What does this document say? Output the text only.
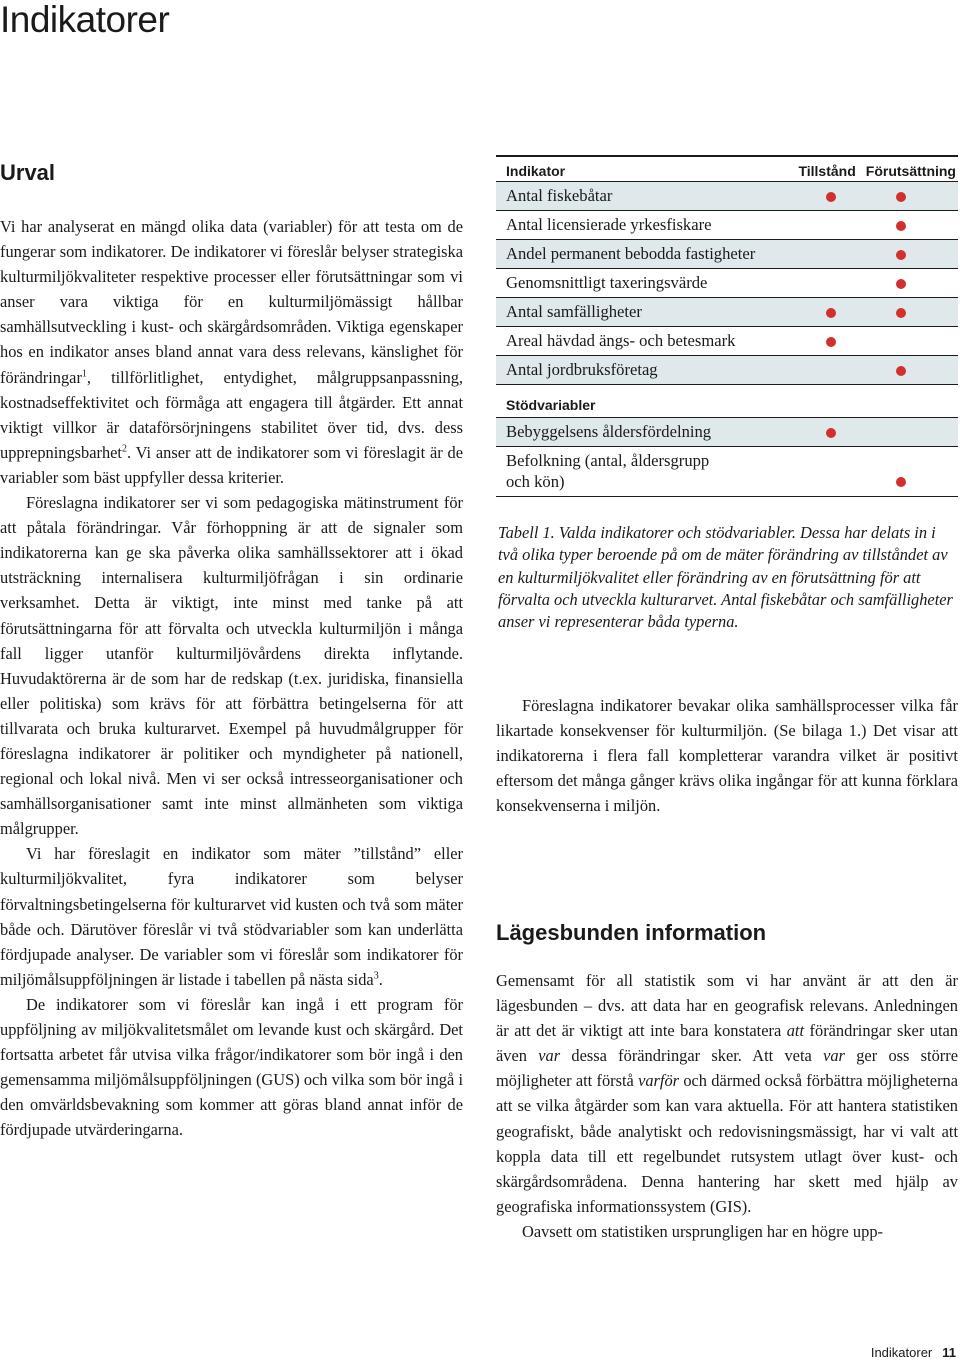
Indikatorer
Urval

Vi har analyserat en mängd olika data (variabler) för att testa om de fungerar som indikatorer. De indikatorer vi föreslår belyser strategiska kulturmiljökvaliteter respektive processer eller förutsättningar som vi anser vara viktiga för en kulturmiljömässigt hållbar samhällsutveckling i kust- och skärgårdsområden. Viktiga egenskaper hos en indikator anses bland annat vara dess relevans, känslighet för förändringar$^1$, tillförlitlighet, entydighet, målgruppsanpassning, kostnadseffektivitet och förmåga att engagera till åtgärder. Ett annat viktigt villkor är dataförsörjningens stabilitet över tid, dvs. dess upprepningsbarhet$^2$. Vi anser att de indikatorer som vi föreslagit är de variabler som bäst uppfyller dessa kriterier.

Föreslagna indikatorer ser vi som pedagogiska mätinstrument för att påtala förändringar. Vår förhoppning är att de signaler som indikatorerna kan ge ska påverka olika samhällssektorer att i ökad utsträckning internalisera kulturmiljöfrågan i sin ordinarie verksamhet. Detta är viktigt, inte minst med tanke på att förutsättningarna för att förvalta och utveckla kulturmiljön i många fall ligger utanför kulturmiljövårdens direkta inflytande. Huvudaktörerna är de som har de redskap (t.ex. juridiska, finansiella eller politiska) som krävs för att förbättra betingelserna för att tillvarata och bruka kulturarvet. Exempel på huvudmålgrupper för föreslagna indikatorer är politiker och myndigheter på nationell, regional och lokal nivå. Men vi ser också intresseorganisationer och samhällsorganisationer samt inte minst allmänheten som viktiga målgrupper.

Vi har föreslagit en indikator som mäter ”tillstånd” eller kulturmiljökvalitet, fyra indikatorer som belyser förvaltningsbetingelserna för kulturarvet vid kusten och två som mäter både och. Därutöver föreslår vi två stödvariabler som kan underlätta fördjupade analyser. De variabler som vi föreslår som indikatorer för miljömålsuppföljningen är listade i tabellen på nästa sida$^3$.

De indikatorer som vi föreslår kan ingå i ett program för uppföljning av miljökvalitetsmålet om levande kust och skärgård. Det fortsatta arbetet får utvisa vilka frågor/indikatorer som bör ingå i den gemensamma miljömålsuppföljningen (GUS) och vilka som bör ingå i den omvärldsbevakning som kommer att göras bland annat inför de fördjupade utvärderingarna.

Indikator	Tillstånd Förutsättning
Antal fiskebåtar
Antal licensierade yrkesfiskare
Andel permanent bebodda fastigheter
Genomsnittligt taxeringsvärde
Antal samfälligheter
Areal hävdad ängs- och betesmark
Antal jordbruksföretag
Stödvariabler
Bebyggelsens åldersfördelning
Befolkning (antal, åldersgrupp
och kön)
Tabell 1. Valda indikatorer och stödvariabler. Dessa har delats in i två olika typer beroende på om de mäter förändring av tillståndet av en kulturmiljökvalitet eller förändring av en förutsättning för att förvalta och utveckla kulturarvet. Antal fiskebåtar och samfälligheter anser vi representerar båda typerna.

Föreslagna indikatorer bevakar olika samhällsprocesser vilka får likartade konsekvenser för kulturmiljön. (Se bilaga 1.) Det visar att indikatorerna i flera fall kompletterar varandra vilket är positivt eftersom det många gånger krävs olika ingångar för att kunna förklara konsekvenserna i miljön.

Lägesbunden information

Gemensamt för all statistik som vi har använt är att den är lägesbunden – dvs. att data har en geografisk relevans. Anledningen är att det är viktigt att inte bara konstatera att förändringar sker utan även var dessa förändringar sker. Att veta var ger oss större möjligheter att förstå varför och därmed också förbättra möjligheterna att se vilka åtgärder som kan vara aktuella. För att hantera statistiken geografiskt, både analytiskt och redovisningsmässigt, har vi valt att koppla data till ett regelbundet rutsystem utlagt över kust- och skärgårdsområdena. Denna hantering har skett med hjälp av geografiska informationssystem (GIS).

Oavsett om statistiken ursprungligen har en högre upp-

Indikatorer 11
